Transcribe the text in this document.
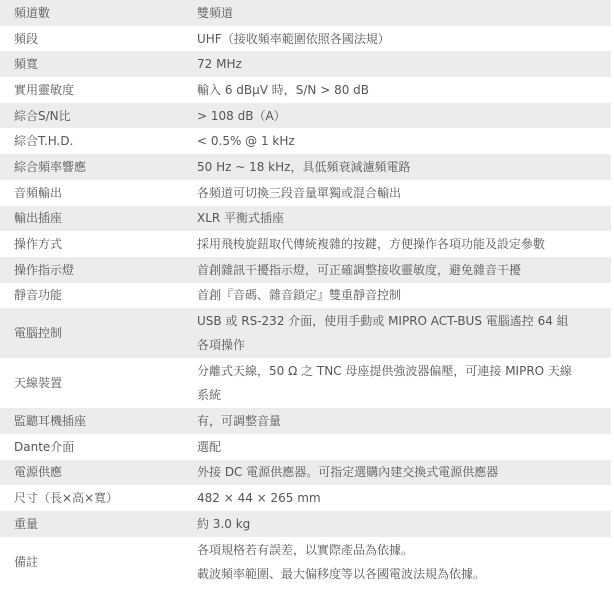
頻道數	雙頻道
頻段	UHF（接收頻率範圍依照各國法規）
頻寬	72 MHz
實用靈敏度	輸入 6 dBμV 時，S/N > 80 dB
綜合S/N比	> 108 dB（A）
綜合T.H.D.	< 0.5% @ 1 kHz
綜合頻率響應	50 Hz ~ 18 kHz，具低頻衰減濾頻電路
音頻輸出	各頻道可切換三段音量單獨或混合輸出
輸出插座	XLR 平衡式插座
操作方式	採用飛梭旋鈕取代傳統複雜的按鍵，方便操作各項功能及設定參數
操作指示燈	首創雜訊干擾指示燈，可正確調整接收靈敏度，避免雜音干擾
靜音功能	首創『音碼、雜音鎖定』雙重靜音控制
電腦控制	USB 或 RS-232 介面，使用手動或 MIPRO ACT-BUS 電腦遙控 64 組
各項操作

天線裝置	分離式天線，50 Ω 之 TNC 母座提供強波器偏壓，可連接 MIPRO 天線
系統

監聽耳機插座	有，可調整音量
Dante介面	選配
電源供應	外接 DC 電源供應器。可指定選購內建交換式電源供應器
尺寸（長×高×寬）	482 × 44 × 265 mm
重量	約 3.0 kg
備註	各項規格若有誤差，以實際產品為依據。
載波頻率範圍、最大偏移度等以各國電波法規為依據。
